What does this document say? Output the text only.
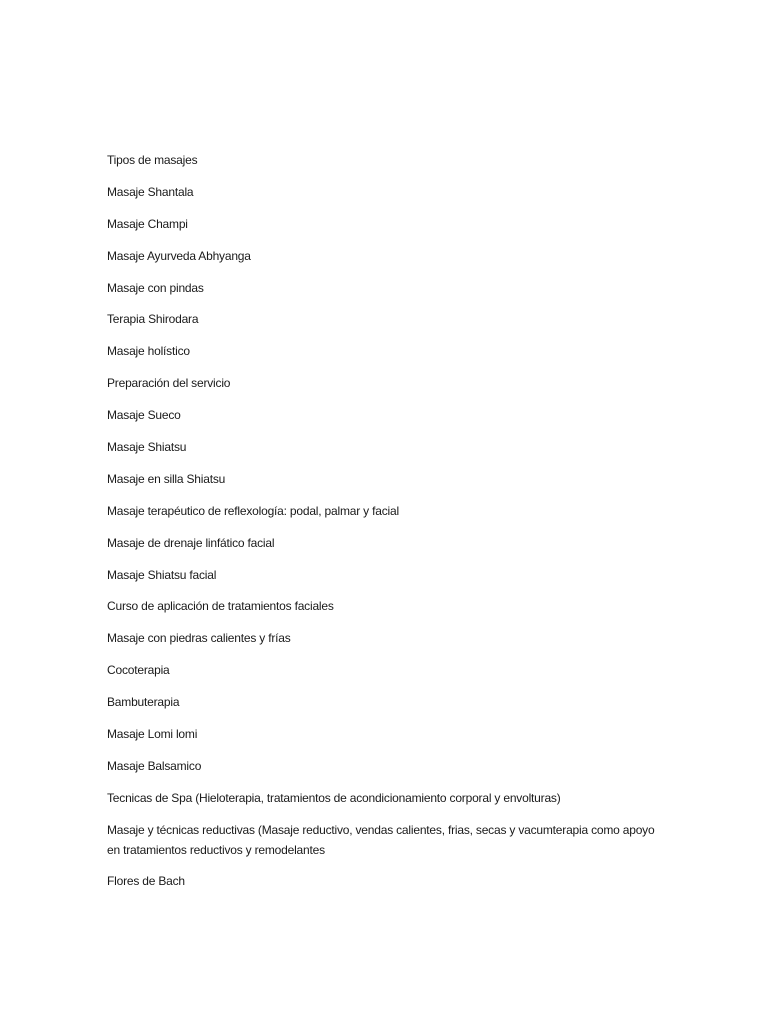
Tipos de masajes

Masaje Shantala

Masaje Champi

Masaje Ayurveda Abhyanga

Masaje con pindas

Terapia Shirodara

Masaje holístico

Preparación del servicio

Masaje Sueco

Masaje Shiatsu

Masaje en silla Shiatsu

Masaje terapéutico de reflexología: podal, palmar y facial

Masaje de drenaje linfático facial

Masaje Shiatsu facial

Curso de aplicación de tratamientos faciales

Masaje con piedras calientes y frías

Cocoterapia

Bambuterapia

Masaje Lomi lomi

Masaje Balsamico

Tecnicas de Spa (Hieloterapia, tratamientos de acondicionamiento corporal y envolturas)

Masaje y técnicas reductivas (Masaje reductivo, vendas calientes, frias, secas y vacumterapia como apoyo en tratamientos reductivos y remodelantes

Flores de Bach
